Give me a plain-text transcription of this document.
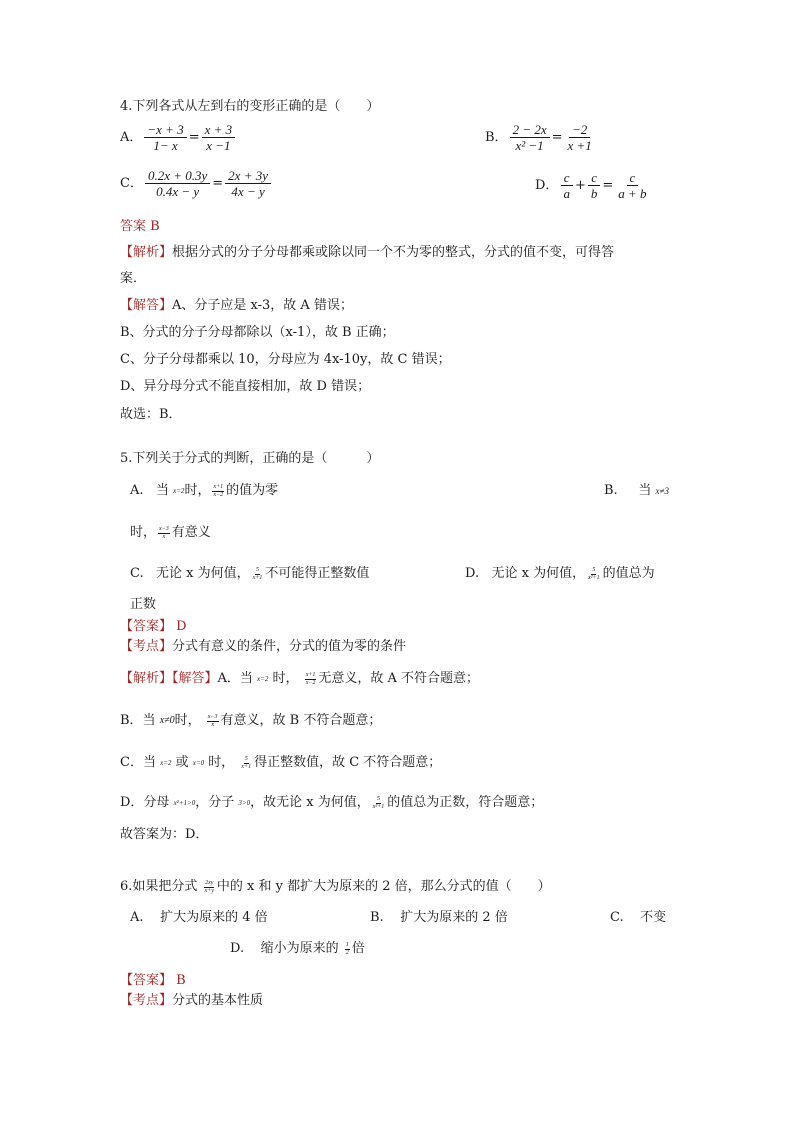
4.下列各式从左到右的变形正确的是（　　）
A． $\frac{-x + 3}{1- x} = \frac{x + 3}{x -1}$	B． $\frac{2 - 2x}{\text{x² −1}} = \frac{-2}{x +1}$
C． $\frac{0.2x + 0.3y}{0.4x - y} = \frac{2x + 3y}{4x - y}$	D． $\frac{c}{a} + \frac{c}{b} = \frac{c}{a + b}$
答案 B
【解析】根据分式的分子分母都乘或除以同一个不为零的整式，分式的值不变，可得答
案．
【解答】A、分子应是 x-3，故 A 错误；
B、分式的分子分母都除以（x-1），故 B 正确；
C、分子分母都乘以 10，分母应为 4x-10y，故 C 错误；
D、异分母分式不能直接相加，故 D 错误；
故选：B．
5.下列关于分式的判断，正确的是（　　　）
A.
当
x=2 时， $\frac{x+1}{x-2}$ 的值为零	B.
当
x≠3
时， $\frac{x-3}{x}$ 有意义
C.
无论 x 为何值， $\frac{5}{x+1}$ 不可能得正整数值	D.
无论 x 为何值， $\frac{5}{\text{x²+1}}$ 的值总为
正数
【答案】 D
【考点】分式有意义的条件，分式的值为零的条件
【解析】【解答】 A．当
x=2
时，
$\frac{x+1}{x-2}$ 无意义，故 A 不符合题意；
B．当
x≠0 时，
$\frac{x-3}{x}$ 有意义，故 B 不符合题意；
C．当
x=2
或
x=0
时，
$\frac{5}{x+1}$ 得正整数值，故 C 不符合题意；
D．分母
x²+1>0 ，分子
3>0 ，故无论 x 为何值， $\frac{5}{\text{x²+1}}$ 的值总为正数，符合题意；
故答案为：D．
6.如果把分式
$\frac{2xy}{x+y}$ 中的 x 和 y 都扩大为原来的 2 倍，那么分式的值（　　）
A.
扩大为原来的 4 倍	B.
扩大为原来的 2 倍	C.
不变
D.
缩小为原来的
$\frac{1}{2}$ 倍
【答案】 B
【考点】分式的基本性质
